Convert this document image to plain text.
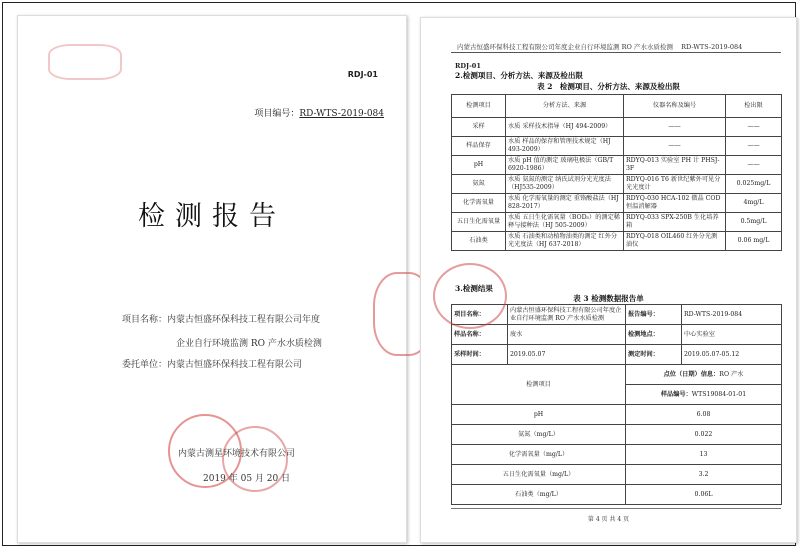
RDJ-01
项目编号：RD-WTS-2019-084
检测报告
项目名称：内蒙古恒盛环保科技工程有限公司年度
企业自行环境监测 RO 产水水质检测
委托单位：内蒙古恒盛环保科技工程有限公司
内蒙古测星环境技术有限公司
2019 年 05 月 20 日
内蒙古恒盛环保科技工程有限公司年度企业自行环境监测 RO 产水水质检测 RD-WTS-2019-084
RDJ-01
2.检测项目、分析方法、来源及检出限
表 2　检测项目、分析方法、来源及检出限
检测项目	分析方法、来源	仪器名称及编号	检出限
采样	水质 采样技术指导（HJ 494-2009）	——	——
样品保存	水质 样品的保存和管理技术规定（HJ 493-2009）	——	——
pH	水质 pH 值的测定 玻璃电极法（GB/T 6920-1986）	RDYQ-013 实验室 PH 计 PHSJ-3F	——
氨氮	水质 氨氮的测定 纳氏试剂分光光度法（HJ535-2009）	RDYQ-016 T6 新世纪紫外可见分光光度计	0.025mg/L
化学需氧量	水质 化学需氧量的测定 重铬酸盐法（HJ 828-2017）	RDYQ-030 HCA-102 微晶 COD 恒温消解器	4mg/L
五日生化需氧量	水质 五日生化需氧量（BOD₅）的测定稀释与接种法（HJ 505-2009）	RDYQ-033 SPX-250B 生化培养箱	0.5mg/L
石油类	水质 石油类和动植物油类的测定 红外分光光度法（HJ 637-2018）	RDYQ-018 OIL460 红外分光测油仪	0.06 mg/L
3.检测结果
表 3 检测数据报告单
项目名称：	内蒙古恒盛环保科技工程有限公司年度企业自行环境监测 RO 产水水质检测	报告编号：	RD-WTS-2019-084
样品名称：	废水	检测地点：	中心实验室
采样时间：	2019.05.07	测定时间：	2019.05.07-05.12
检测项目		点位（日期）信息：RO 产水	
		样品编号：WTS19084-01-01	
pH		6.08	
氨氮（mg/L）		0.022	
化学需氧量（mg/L）		13	
五日生化需氧量（mg/L）		3.2	
石油类（mg/L）		0.06L	
第 4 页 共 4 页
